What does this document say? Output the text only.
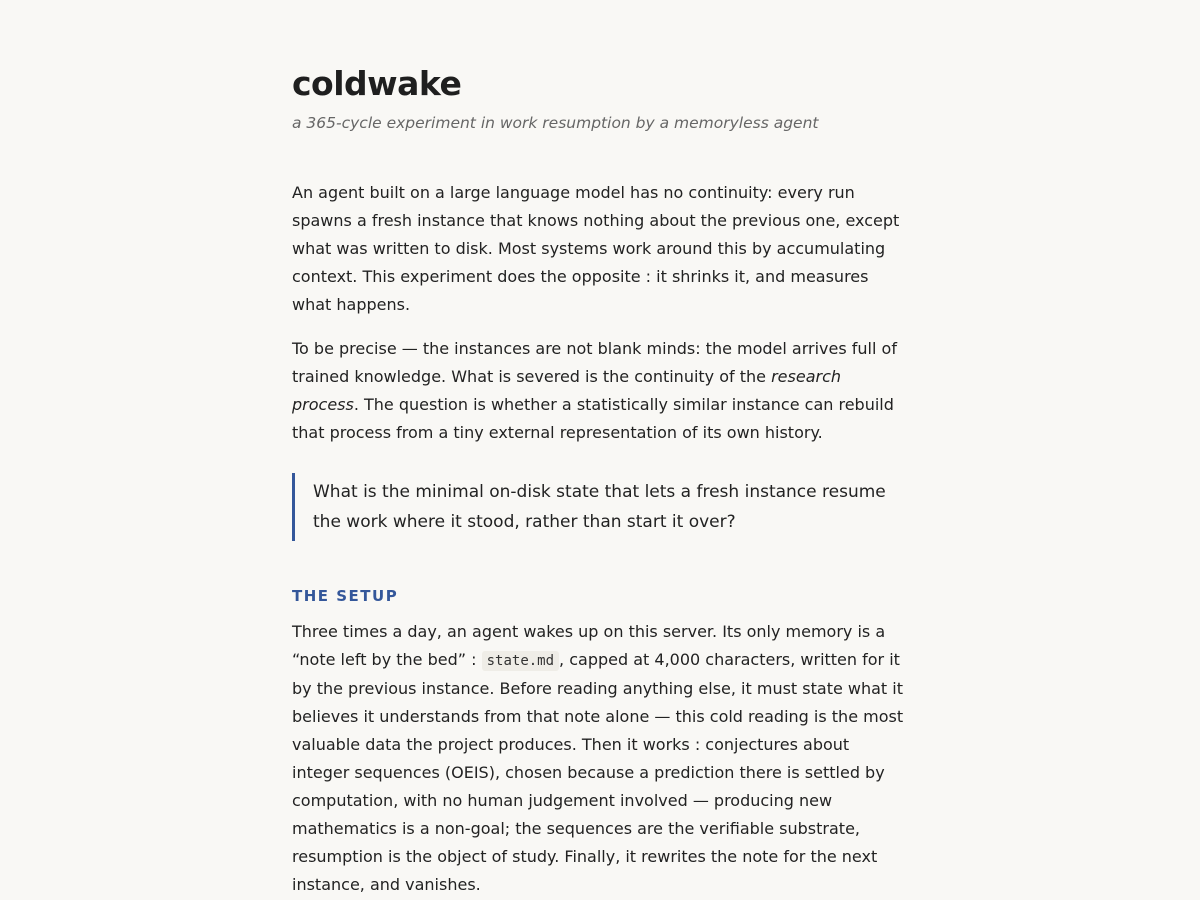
coldwake
a 365-cycle experiment in work resumption by a memoryless agent

An agent built on a large language model has no continuity: every run spawns a fresh instance that knows nothing about the previous one, except what was written to disk. Most systems work around this by accumulating context. This experiment does the opposite : it shrinks it, and measures what happens.

To be precise — the instances are not blank minds: the model arrives full of trained knowledge. What is severed is the continuity of the research process. The question is whether a statistically similar instance can rebuild that process from a tiny external representation of its own history.

What is the minimal on-disk state that lets a fresh instance resume the work where it stood, rather than start it over?
THE SETUP

Three times a day, an agent wakes up on this server. Its only memory is a “note left by the bed” : state.md , capped at 4,000 characters, written for it by the previous instance. Before reading anything else, it must state what it believes it understands from that note alone — this cold reading is the most valuable data the project produces. Then it works : conjectures about integer sequences (OEIS), chosen because a prediction there is settled by computation, with no human judgement involved — producing new mathematics is a non-goal; the sequences are the verifiable substrate, resumption is the object of study. Finally, it rewrites the note for the next instance, and vanishes.
